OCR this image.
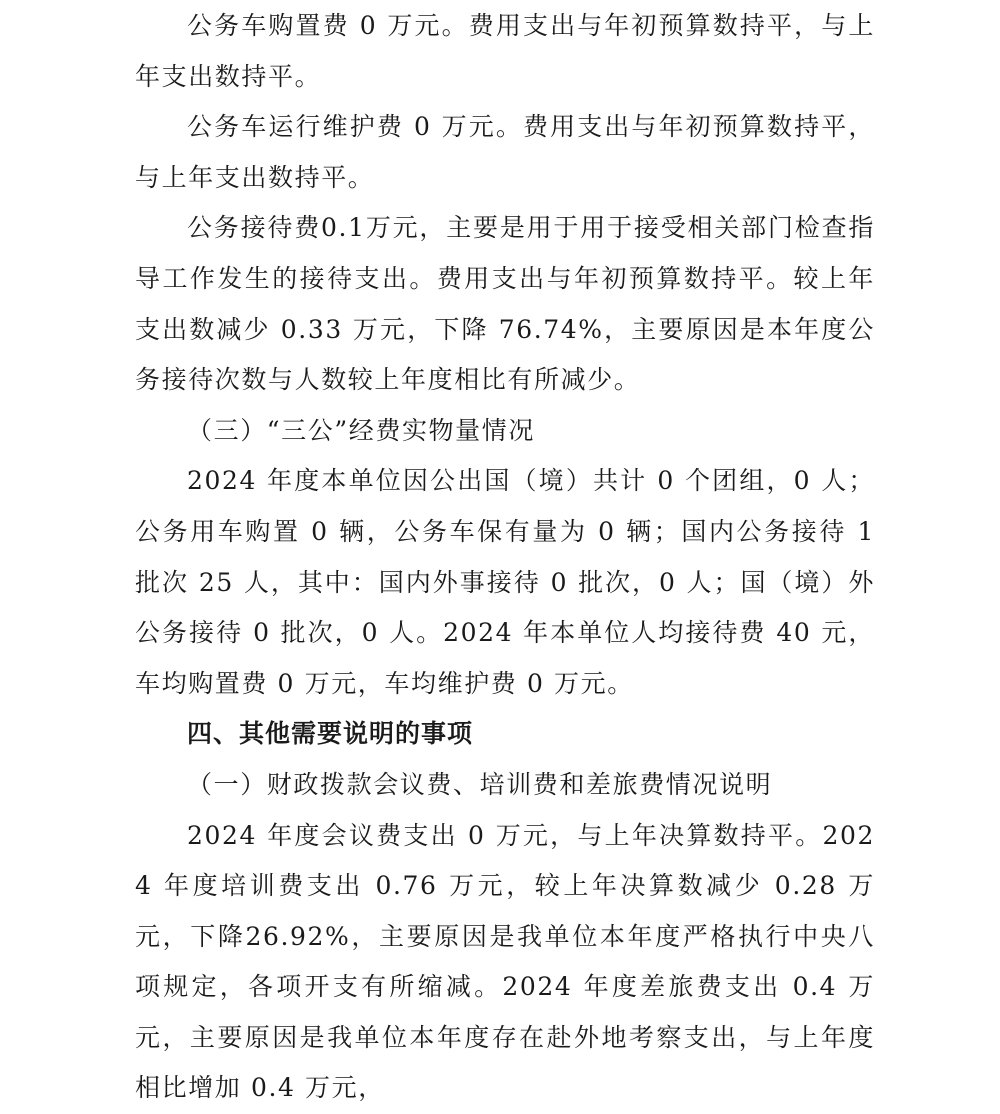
公务车购置费 0 万元。费用支出与年初预算数持平，与上年支出数持平。

公务车运行维护费 0 万元。费用支出与年初预算数持平，与上年支出数持平。

公务接待费0.1万元，主要是用于用于接受相关部门检查指导工作发生的接待支出。费用支出与年初预算数持平。较上年支出数减少 0.33 万元，下降 76.74%，主要原因是本年度公务接待次数与人数较上年度相比有所减少。

（三）“三公”经费实物量情况

2024 年度本单位因公出国（境）共计 0 个团组，0 人；公务用车购置 0 辆，公务车保有量为 0 辆；国内公务接待 1 批次 25 人，其中：国内外事接待 0 批次，0 人；国（境）外公务接待 0 批次，0 人。2024 年本单位人均接待费 40 元，车均购置费 0 万元，车均维护费 0 万元。

四、其他需要说明的事项

（一）财政拨款会议费、培训费和差旅费情况说明

2024 年度会议费支出 0 万元，与上年决算数持平。2024 年度培训费支出 0.76 万元，较上年决算数减少 0.28 万元，下降26.92%，主要原因是我单位本年度严格执行中央八项规定，各项开支有所缩减。2024 年度差旅费支出 0.4 万元，主要原因是我单位本年度存在赴外地考察支出，与上年度相比增加 0.4 万元，
